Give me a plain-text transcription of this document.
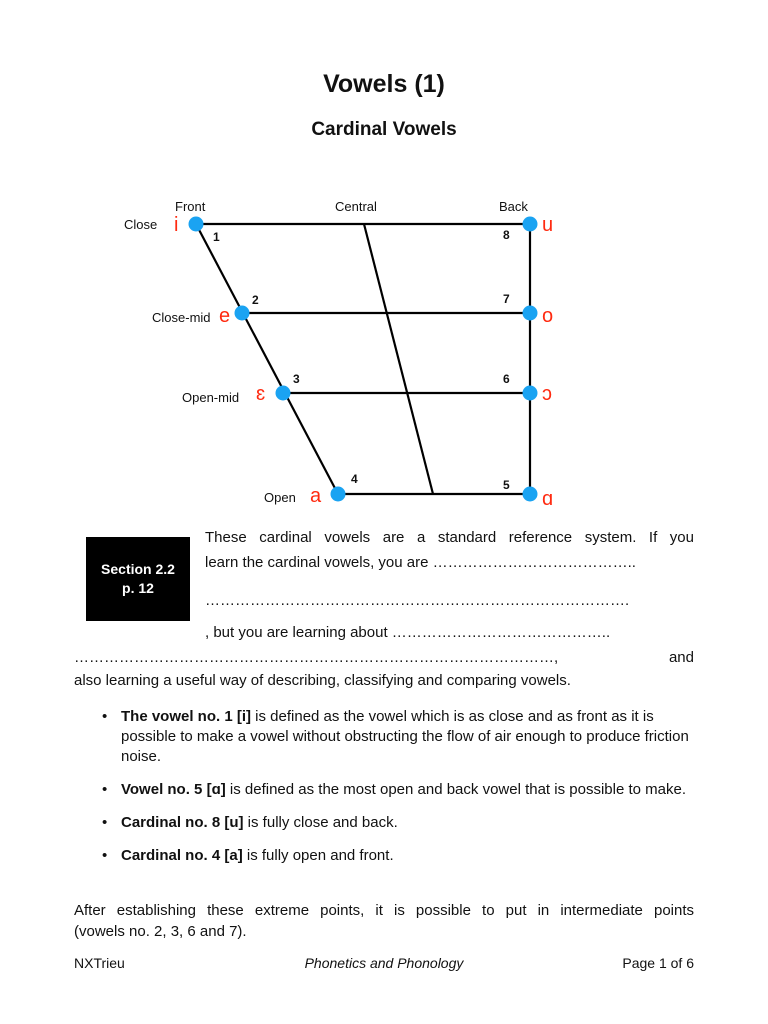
Vowels (1)
Cardinal Vowels
Front	Central	Back
Close
Close-mid
Open-mid
Open
1
i
2
e
3
ɛ
4
a	5
ɑ
6
ɔ
7
o
8 u
Section 2.2
p. 12

These cardinal vowels are a standard reference system. If you

learn the cardinal vowels, you are …………………………………..

………………………………………………………………………….

, but you are learning about ……………………………………..

……………………………………………………………………………………, and

also learning a useful way of describing, classifying and comparing vowels.

• The vowel no. 1 [i] is defined as the vowel which is as close and as front as it is possible to make a vowel without obstructing the flow of air enough to produce friction noise.
• Vowel no. 5 [ɑ] is defined as the most open and back vowel that is possible to make.
• Cardinal no. 8 [u] is fully close and back.
• Cardinal no. 4 [a] is fully open and front.

After establishing these extreme points, it is possible to put in intermediate points

(vowels no. 2, 3, 6 and 7).

NXTrieu	Phonetics and Phonology	Page 1 of 6
